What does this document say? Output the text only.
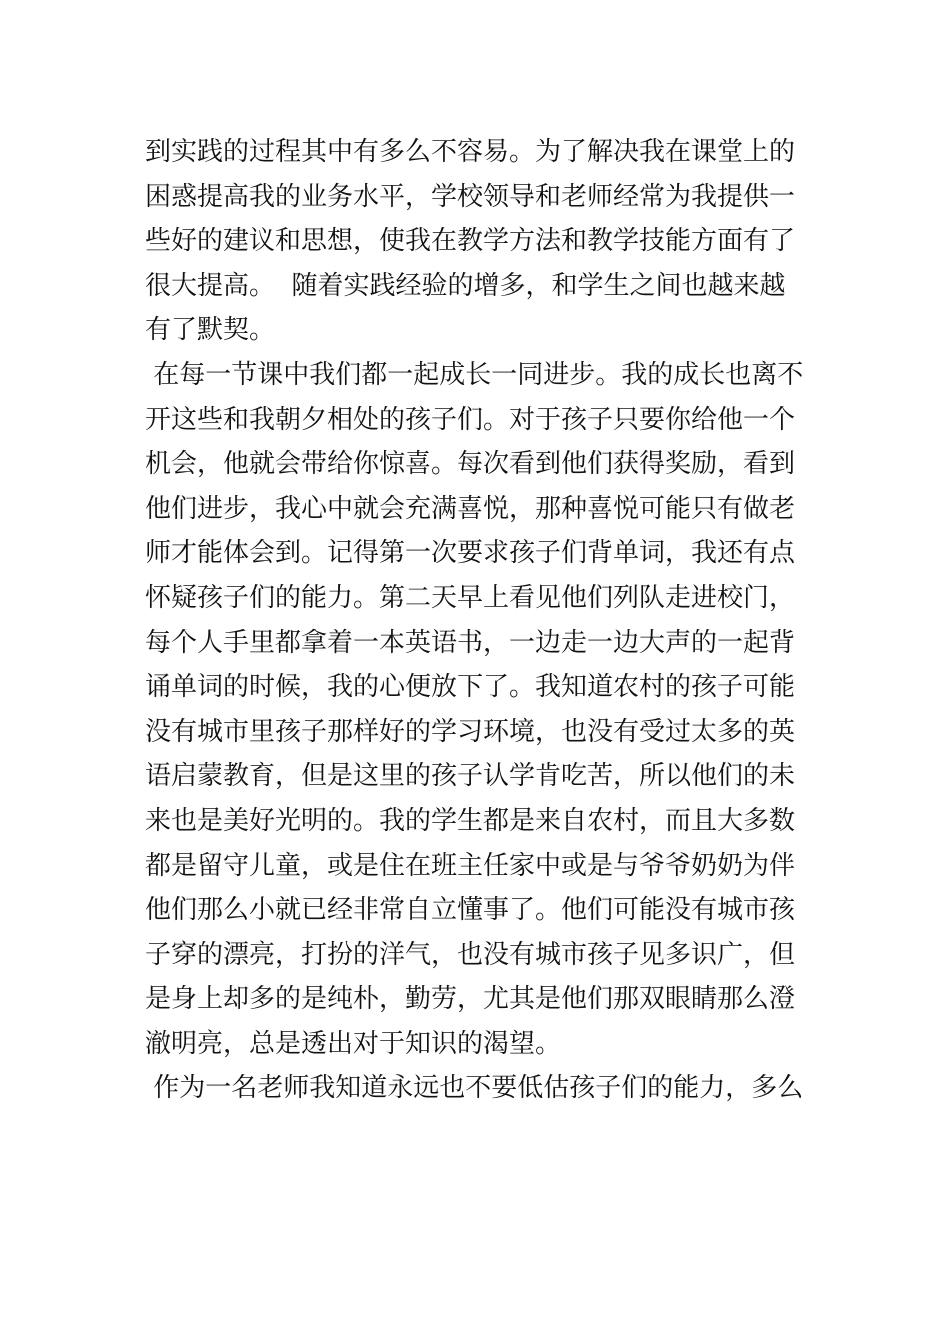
到实践的过程其中有多么不容易。为了解决我在课堂上的
困惑提高我的业务水平，学校领导和老师经常为我提供一
些好的建议和思想，使我在教学方法和教学技能方面有了
很大提高。  随着实践经验的增多，和学生之间也越来越
有了默契。
在每一节课中我们都一起成长一同进步。我的成长也离不
开这些和我朝夕相处的孩子们。对于孩子只要你给他一个
机会，他就会带给你惊喜。每次看到他们获得奖励，看到
他们进步，我心中就会充满喜悦，那种喜悦可能只有做老
师才能体会到。记得第一次要求孩子们背单词，我还有点
怀疑孩子们的能力。第二天早上看见他们列队走进校门，
每个人手里都拿着一本英语书，一边走一边大声的一起背
诵单词的时候，我的心便放下了。我知道农村的孩子可能
没有城市里孩子那样好的学习环境，也没有受过太多的英
语启蒙教育，但是这里的孩子认学肯吃苦，所以他们的未
来也是美好光明的。我的学生都是来自农村，而且大多数
都是留守儿童，或是住在班主任家中或是与爷爷奶奶为伴
他们那么小就已经非常自立懂事了。他们可能没有城市孩
子穿的漂亮，打扮的洋气，也没有城市孩子见多识广，但
是身上却多的是纯朴，勤劳，尤其是他们那双眼睛那么澄
澈明亮，总是透出对于知识的渴望。
作为一名老师我知道永远也不要低估孩子们的能力，多么
